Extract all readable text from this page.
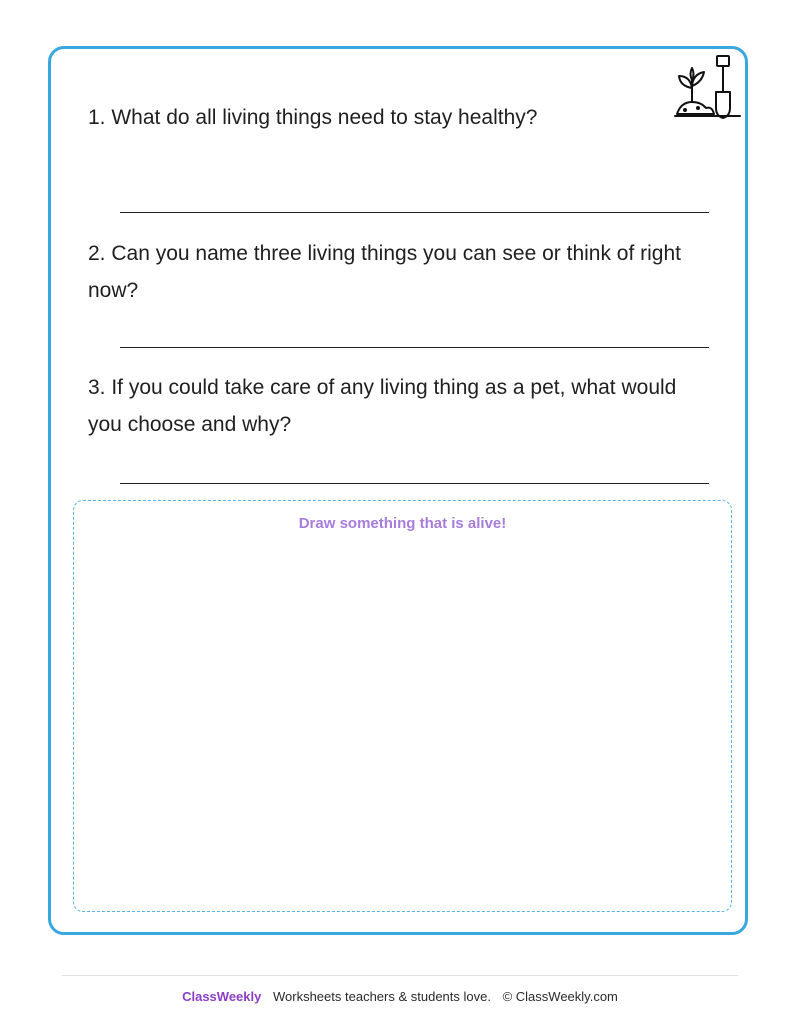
1. What do all living things need to stay healthy?
2. Can you name three living things you can see or think of right now?
3. If you could take care of any living thing as a pet, what would you choose and why?
Draw something that is alive!
ClassWeekly Worksheets teachers & students love. © ClassWeekly.com
